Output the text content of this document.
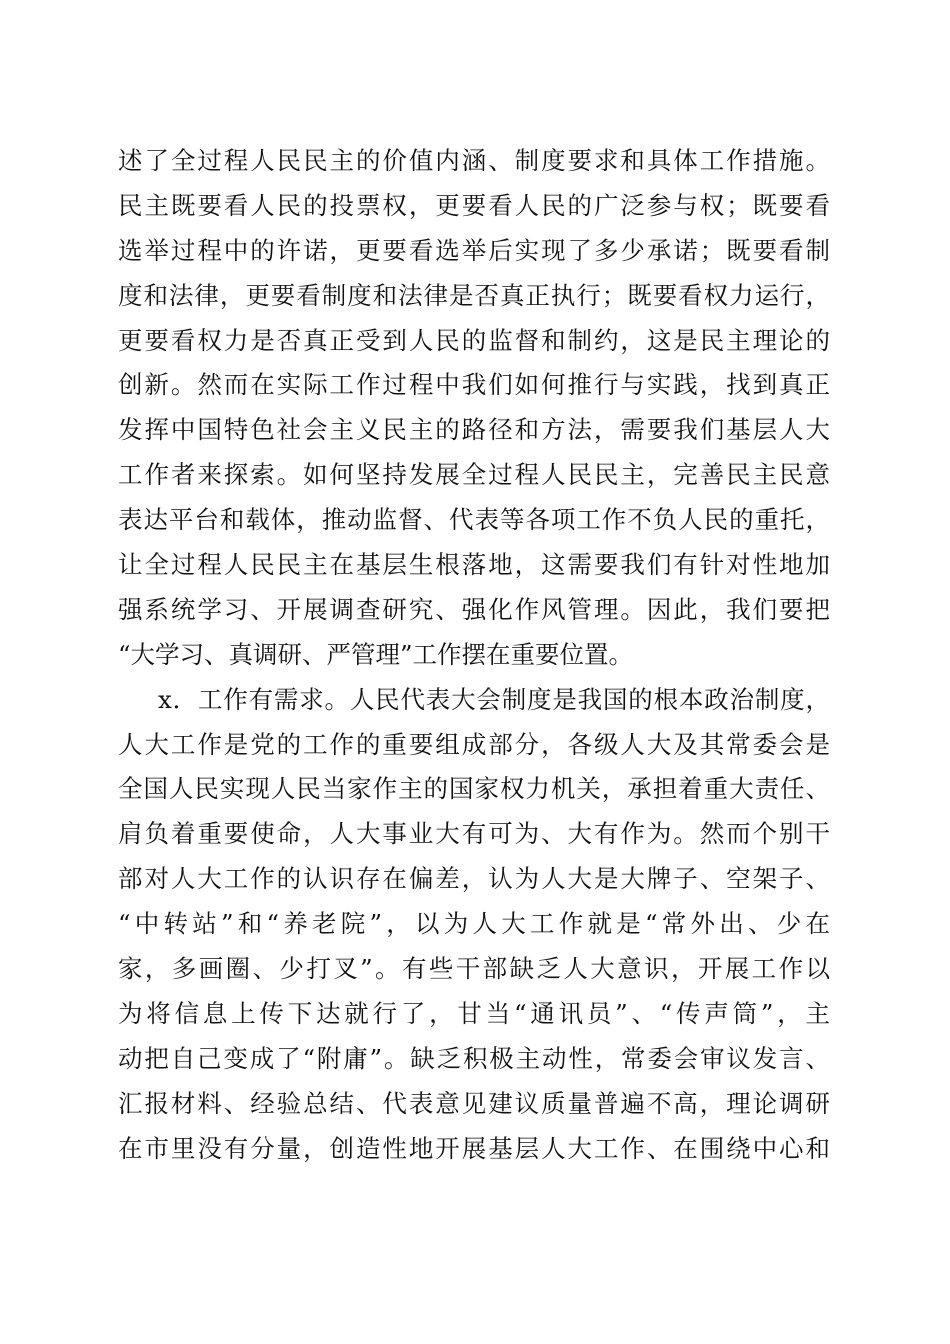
述了全过程人民民主的价值内涵、制度要求和具体工作措施。
民主既要看人民的投票权，更要看人民的广泛参与权；既要看
选举过程中的许诺，更要看选举后实现了多少承诺；既要看制
度和法律，更要看制度和法律是否真正执行；既要看权力运行，
更要看权力是否真正受到人民的监督和制约，这是民主理论的
创新。然而在实际工作过程中我们如何推行与实践，找到真正
发挥中国特色社会主义民主的路径和方法，需要我们基层人大
工作者来探索。如何坚持发展全过程人民民主，完善民主民意
表达平台和载体，推动监督、代表等各项工作不负人民的重托，
让全过程人民民主在基层生根落地，这需要我们有针对性地加
强系统学习、开展调查研究、强化作风管理。因此，我们要把
“大学习、真调研、严管理”工作摆在重要位置。
x．工作有需求。人民代表大会制度是我国的根本政治制度，
人大工作是党的工作的重要组成部分，各级人大及其常委会是
全国人民实现人民当家作主的国家权力机关，承担着重大责任、
肩负着重要使命，人大事业大有可为、大有作为。然而个别干
部对人大工作的认识存在偏差，认为人大是大牌子、空架子、
“中转站”和“养老院”，以为人大工作就是“常外出、少在
家，多画圈、少打叉”。有些干部缺乏人大意识，开展工作以
为将信息上传下达就行了，甘当“通讯员”、“传声筒”，主
动把自己变成了“附庸”。缺乏积极主动性，常委会审议发言、
汇报材料、经验总结、代表意见建议质量普遍不高，理论调研
在市里没有分量，创造性地开展基层人大工作、在围绕中心和
